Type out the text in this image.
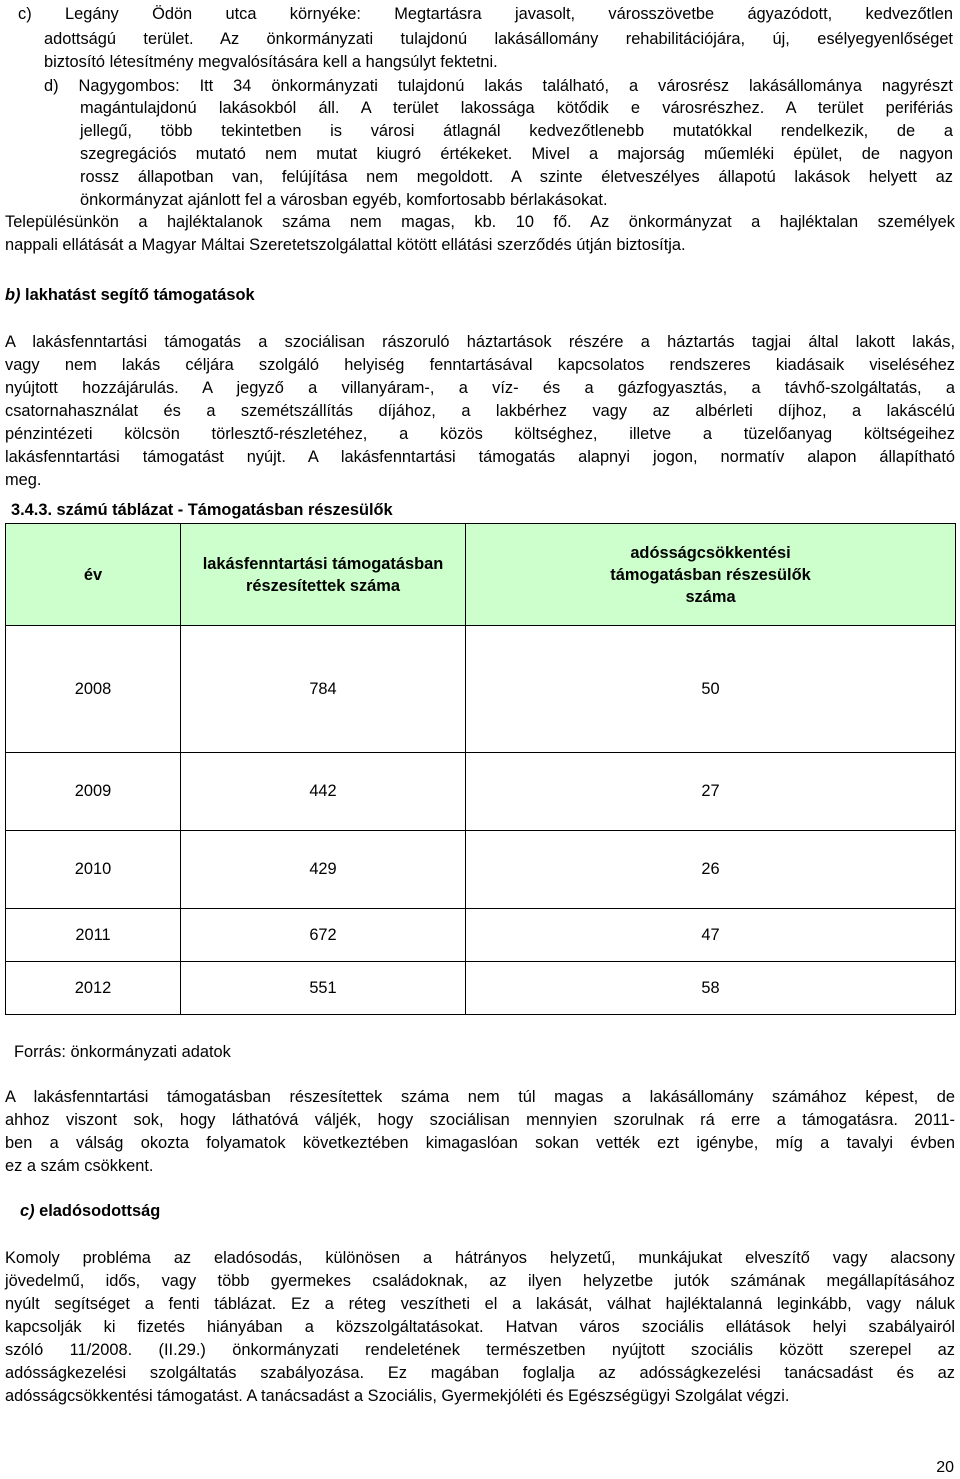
c) Legány Ödön utca környéke: Megtartásra javasolt, városszövetbe ágyazódott, kedvezőtlen
adottságú terület. Az önkormányzati tulajdonú lakásállomány rehabilitációjára, új, esélyegyenlőséget
biztosító létesítmény megvalósítására kell a hangsúlyt fektetni.
d) Nagygombos: Itt 34 önkormányzati tulajdonú lakás található, a városrész lakásállománya nagyrészt
magántulajdonú lakásokból áll. A terület lakossága kötődik e városrészhez. A terület perifériás
jellegű, több tekintetben is városi átlagnál kedvezőtlenebb mutatókkal rendelkezik, de a
szegregációs mutató nem mutat kiugró értékeket. Mivel a majorság műemléki épület, de nagyon
rossz állapotban van, felújítása nem megoldott. A szinte életveszélyes állapotú lakások helyett az
önkormányzat ajánlott fel a városban egyéb, komfortosabb bérlakásokat.
Településünkön a hajléktalanok száma nem magas, kb. 10 fő. Az önkormányzat a hajléktalan személyek
nappali ellátását a Magyar Máltai Szeretetszolgálattal kötött ellátási szerződés útján biztosítja.
b) lakhatást segítő támogatások
A lakásfenntartási támogatás a szociálisan rászoruló háztartások részére a háztartás tagjai által lakott lakás,
vagy nem lakás céljára szolgáló helyiség fenntartásával kapcsolatos rendszeres kiadásaik viseléséhez
nyújtott hozzájárulás. A jegyző a villanyáram-, a víz- és a gázfogyasztás, a távhő-szolgáltatás, a
csatornahasználat és a szemétszállítás díjához, a lakbérhez vagy az albérleti díjhoz, a lakáscélú
pénzintézeti kölcsön törlesztő-részletéhez, a közös költséghez, illetve a tüzelőanyag költségeihez
lakásfenntartási támogatást nyújt. A lakásfenntartási támogatás alapnyi jogon, normatív alapon állapítható
meg.
3.4.3. számú táblázat - Támogatásban részesülők
év	lakásfenntartási támogatásban részesítettek száma	adósságcsökkentési támogatásban részesülők száma
2008	784	50
2009	442	27
2010	429	26
2011	672	47
2012	551	58
Forrás: önkormányzati adatok
A lakásfenntartási támogatásban részesítettek száma nem túl magas a lakásállomány számához képest, de
ahhoz viszont sok, hogy láthatóvá váljék, hogy szociálisan mennyien szorulnak rá erre a támogatásra. 2011-
ben a válság okozta folyamatok következtében kimagaslóan sokan vették ezt igénybe, míg a tavalyi évben
ez a szám csökkent.
c) eladósodottság
Komoly probléma az eladósodás, különösen a hátrányos helyzetű, munkájukat elveszítő vagy alacsony
jövedelmű, idős, vagy több gyermekes családoknak, az ilyen helyzetbe jutók számának megállapításához
nyúlt segítséget a fenti táblázat. Ez a réteg veszítheti el a lakását, válhat hajléktalanná leginkább, vagy náluk
kapcsolják ki fizetés hiányában a közszolgáltatásokat. Hatvan város szociális ellátások helyi szabályairól
szóló 11/2008. (II.29.) önkormányzati rendeletének természetben nyújtott szociális között szerepel az
adósságkezelési szolgáltatás szabályozása. Ez magában foglalja az adósságkezelési tanácsadást és az
adósságcsökkentési támogatást. A tanácsadást a Szociális, Gyermekjóléti és Egészségügyi Szolgálat végzi.
20
